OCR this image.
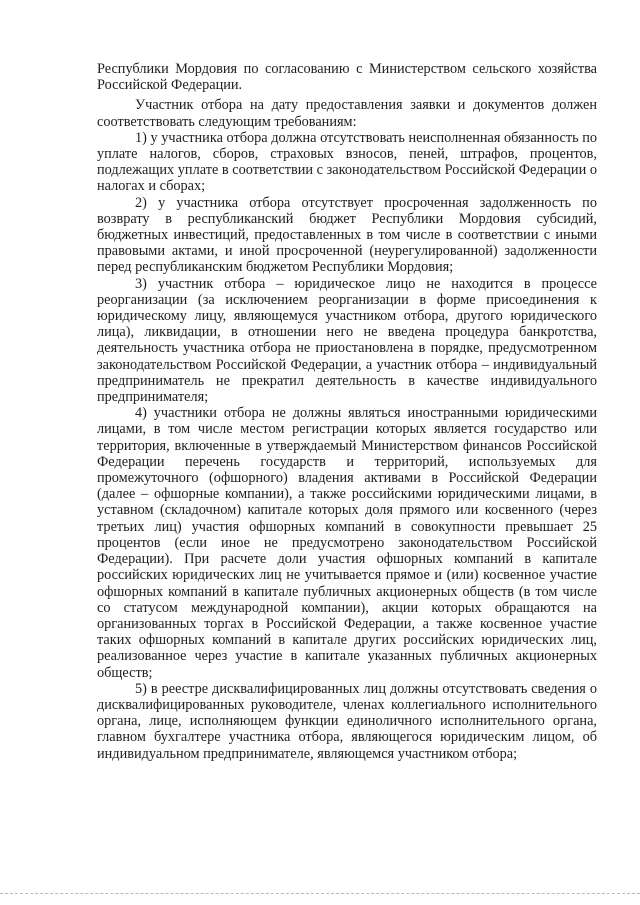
Республики Мордовия по согласованию с Министерством сельского хозяйства Российской Федерации.

Участник отбора на дату предоставления заявки и документов должен соответствовать следующим требованиям:

1) у участника отбора должна отсутствовать неисполненная обязанность по уплате налогов, сборов, страховых взносов, пеней, штрафов, процентов, подлежащих уплате в соответствии с законодательством Российской Федерации о налогах и сборах;

2) у участника отбора отсутствует просроченная задолженность по возврату в республиканский бюджет Республики Мордовия субсидий, бюджетных инвестиций, предоставленных в том числе в соответствии с иными правовыми актами, и иной просроченной (неурегулированной) задолженности перед республиканским бюджетом Республики Мордовия;

3) участник отбора – юридическое лицо не находится в процессе реорганизации (за исключением реорганизации в форме присоединения к юридическому лицу, являющемуся участником отбора, другого юридического лица), ликвидации, в отношении него не введена процедура банкротства, деятельность участника отбора не приостановлена в порядке, предусмотренном законодательством Российской Федерации, а участник отбора – индивидуальный предприниматель не прекратил деятельность в качестве индивидуального предпринимателя;

4) участники отбора не должны являться иностранными юридическими лицами, в том числе местом регистрации которых является государство или территория, включенные в утверждаемый Министерством финансов Российской Федерации перечень государств и территорий, используемых для промежуточного (офшорного) владения активами в Российской Федерации (далее – офшорные компании), а также российскими юридическими лицами, в уставном (складочном) капитале которых доля прямого или косвенного (через третьих лиц) участия офшорных компаний в совокупности превышает 25 процентов (если иное не предусмотрено законодательством Российской Федерации). При расчете доли участия офшорных компаний в капитале российских юридических лиц не учитывается прямое и (или) косвенное участие офшорных компаний в капитале публичных акционерных обществ (в том числе со статусом международной компании), акции которых обращаются на организованных торгах в Российской Федерации, а также косвенное участие таких офшорных компаний в капитале других российских юридических лиц, реализованное через участие в капитале указанных публичных акционерных обществ;

5) в реестре дисквалифицированных лиц должны отсутствовать сведения о дисквалифицированных руководителе, членах коллегиального исполнительного органа, лице, исполняющем функции единоличного исполнительного органа, главном бухгалтере участника отбора, являющегося юридическим лицом, об индивидуальном предпринимателе, являющемся участником отбора;
